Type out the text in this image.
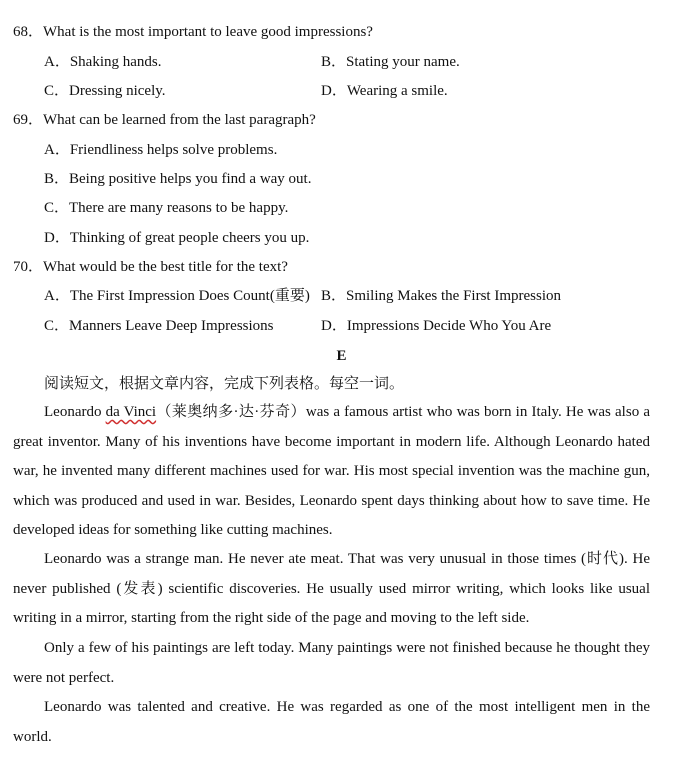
68．What is the most important to leave good impressions?
A．Shaking hands.	B．Stating your name.
C．Dressing nicely.	D．Wearing a smile.
69．What can be learned from the last paragraph?
A．Friendliness helps solve problems.
B．Being positive helps you find a way out.
C．There are many reasons to be happy.
D．Thinking of great people cheers you up.
70．What would be the best title for the text?
A．The First Impression Does Count(重要) B．Smiling Makes the First Impression
C．Manners Leave Deep Impressions	D．Impressions Decide Who You Are
E
阅读短文，根据文章内容，完成下列表格。每空一词。
Leonardo da Vinci（莱奥纳多·达·芬奇）was a famous artist who was born in Italy. He was also a great inventor. Many of his inventions have become important in modern life. Although Leonardo hated war, he invented many different machines used for war. His most special invention was the machine gun, which was produced and used in war. Besides, Leonardo spent days thinking about how to save time. He developed ideas for something like cutting machines.
Leonardo was a strange man. He never ate meat. That was very unusual in those times (时代). He never published (发表) scientific discoveries. He usually used mirror writing, which looks like usual writing in a mirror, starting from the right side of the page and moving to the left side.
Only a few of his paintings are left today. Many paintings were not finished because he thought they were not perfect.
Leonardo was talented and creative. He was regarded as one of the most intelligent men in the world.
